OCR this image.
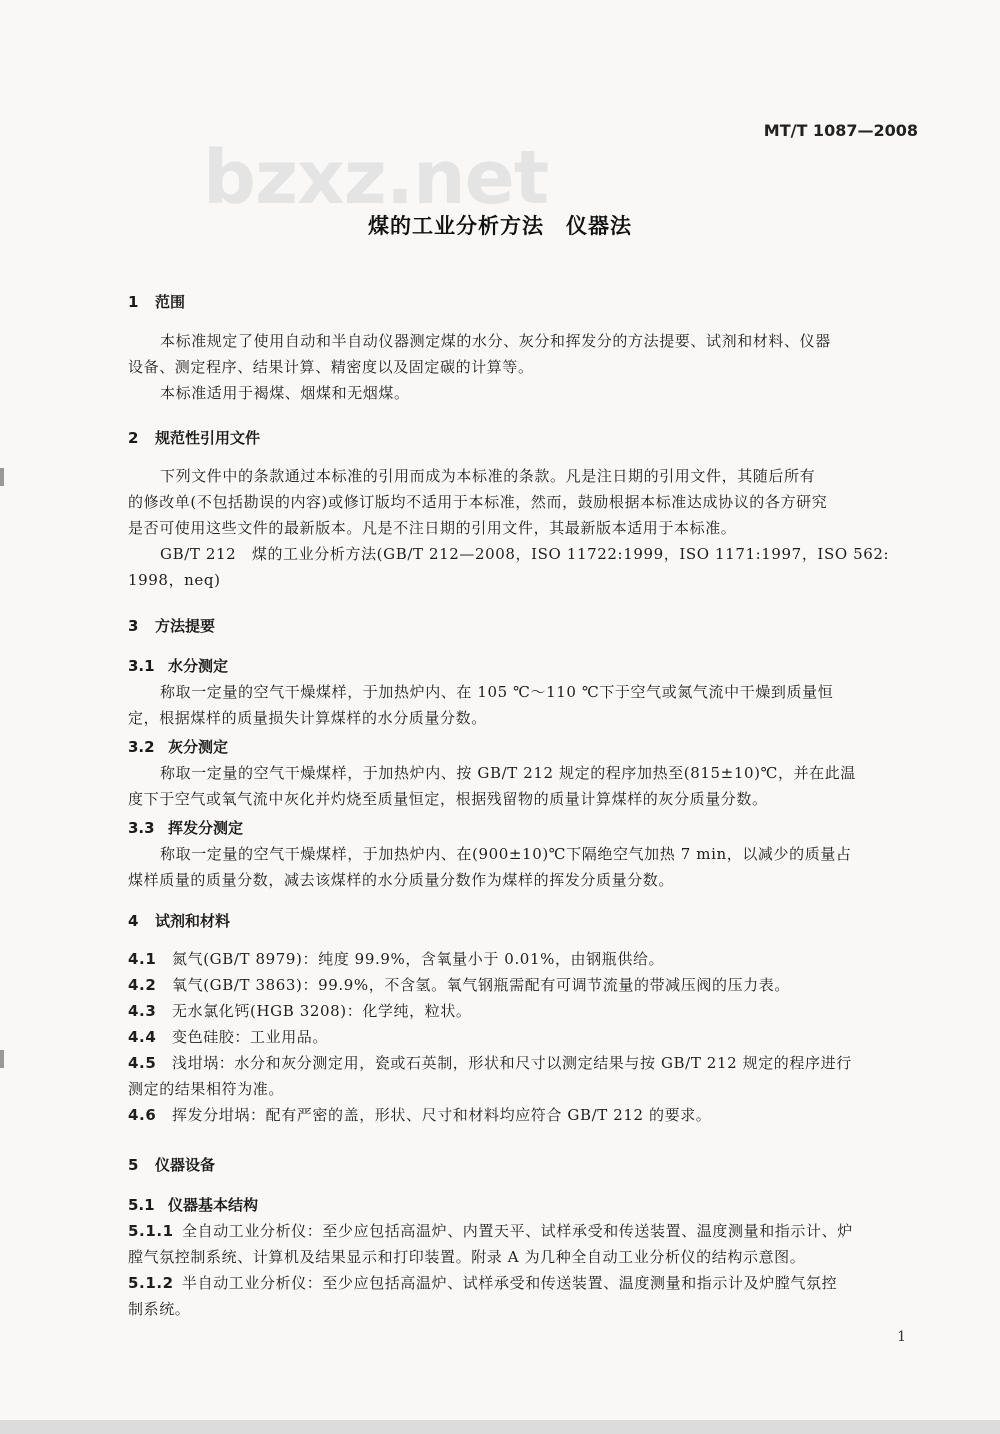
MT/T 1087—2008
bzxz.net
煤的工业分析方法　仪器法
1 范围
本标准规定了使用自动和半自动仪器测定煤的水分、灰分和挥发分的方法提要、试剂和材料、仪器
设备、测定程序、结果计算、精密度以及固定碳的计算等。
本标准适用于褐煤、烟煤和无烟煤。
2 规范性引用文件
下列文件中的条款通过本标准的引用而成为本标准的条款。凡是注日期的引用文件，其随后所有
的修改单(不包括勘误的内容)或修订版均不适用于本标准，然而，鼓励根据本标准达成协议的各方研究
是否可使用这些文件的最新版本。凡是不注日期的引用文件，其最新版本适用于本标准。
GB/T 212　煤的工业分析方法(GB/T 212—2008，ISO 11722:1999，ISO 1171:1997，ISO 562:
1998，neq)
3 方法提要
3.1 水分测定
称取一定量的空气干燥煤样，于加热炉内、在 105 ℃～110 ℃下于空气或氮气流中干燥到质量恒
定，根据煤样的质量损失计算煤样的水分质量分数。
3.2 灰分测定
称取一定量的空气干燥煤样，于加热炉内、按 GB/T 212 规定的程序加热至(815±10)℃，并在此温
度下于空气或氧气流中灰化并灼烧至质量恒定，根据残留物的质量计算煤样的灰分质量分数。
3.3 挥发分测定
称取一定量的空气干燥煤样，于加热炉内、在(900±10)℃下隔绝空气加热 7 min，以减少的质量占
煤样质量的质量分数，减去该煤样的水分质量分数作为煤样的挥发分质量分数。
4 试剂和材料
4.1 氮气(GB/T 8979)：纯度 99.9%，含氧量小于 0.01%，由钢瓶供给。
4.2 氧气(GB/T 3863)：99.9%，不含氢。氧气钢瓶需配有可调节流量的带减压阀的压力表。
4.3 无水氯化钙(HGB 3208)：化学纯，粒状。
4.4 变色硅胶：工业用品。
4.5 浅坩埚：水分和灰分测定用，瓷或石英制，形状和尺寸以测定结果与按 GB/T 212 规定的程序进行
测定的结果相符为准。
4.6 挥发分坩埚：配有严密的盖，形状、尺寸和材料均应符合 GB/T 212 的要求。
5 仪器设备
5.1 仪器基本结构
5.1.1 全自动工业分析仪：至少应包括高温炉、内置天平、试样承受和传送装置、温度测量和指示计、炉
膛气氛控制系统、计算机及结果显示和打印装置。附录 A 为几种全自动工业分析仪的结构示意图。
5.1.2 半自动工业分析仪：至少应包括高温炉、试样承受和传送装置、温度测量和指示计及炉膛气氛控
制系统。
1
